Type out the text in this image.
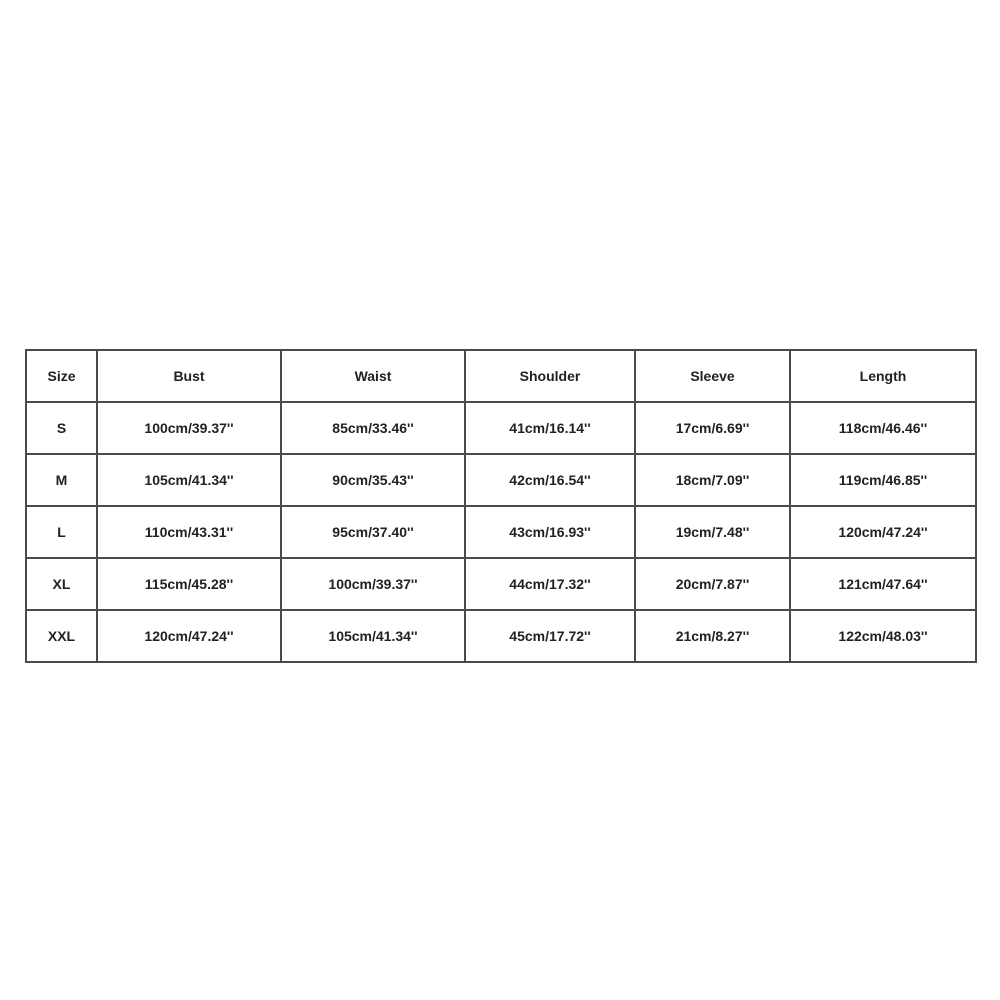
Size	Bust	Waist	Shoulder	Sleeve	Length
S	100cm/39.37''	85cm/33.46''	41cm/16.14''	17cm/6.69''	118cm/46.46''
M	105cm/41.34''	90cm/35.43''	42cm/16.54''	18cm/7.09''	119cm/46.85''
L	110cm/43.31''	95cm/37.40''	43cm/16.93''	19cm/7.48''	120cm/47.24''
XL	115cm/45.28''	100cm/39.37''	44cm/17.32''	20cm/7.87''	121cm/47.64''
XXL	120cm/47.24''	105cm/41.34''	45cm/17.72''	21cm/8.27''	122cm/48.03''
